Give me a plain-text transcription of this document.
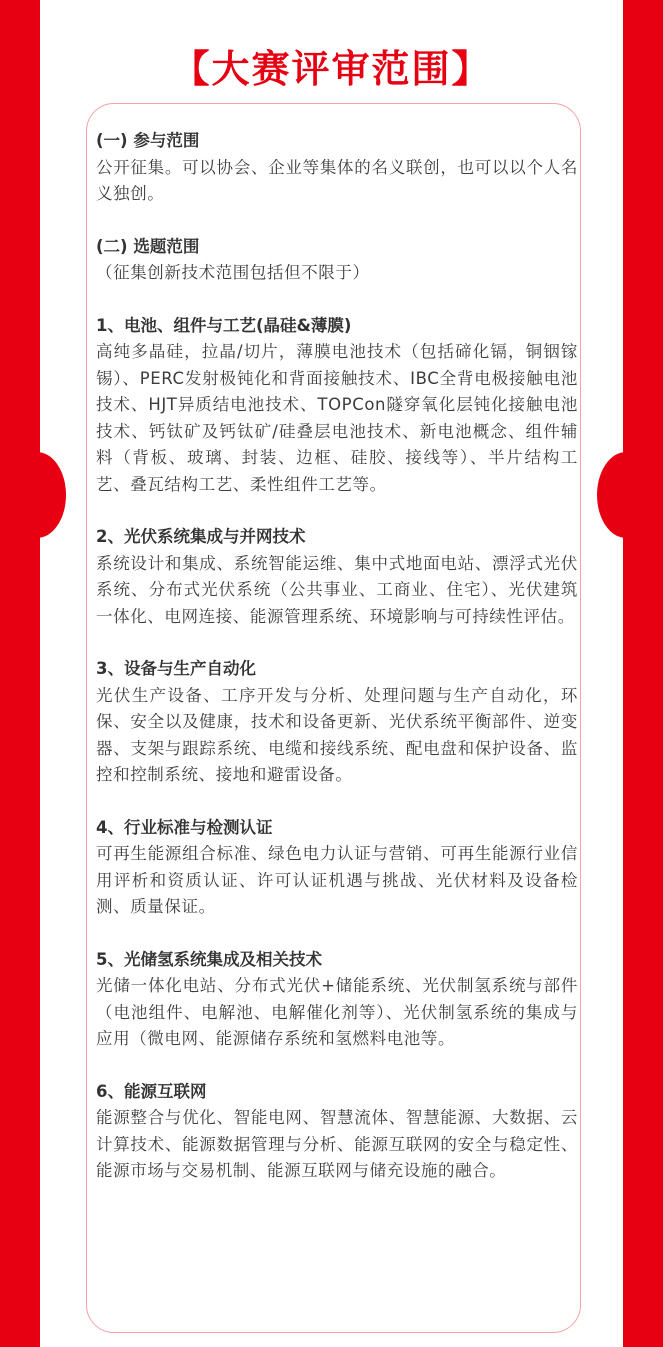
【大赛评审范围】
(一) 参与范围
公开征集。可以协会、企业等集体的名义联创，也可以以个人名义独创。
(二) 选题范围
（征集创新技术范围包括但不限于）
1、电池、组件与工艺(晶硅&薄膜)
高纯多晶硅，拉晶/切片，薄膜电池技术（包括碲化镉，铜铟镓锡）、PERC发射极钝化和背面接触技术、IBC全背电极接触电池技术、HJT异质结电池技术、TOPCon隧穿氧化层钝化接触电池技术、钙钛矿及钙钛矿/硅叠层电池技术、新电池概念、组件辅料（背板、玻璃、封装、边框、硅胶、接线等）、半片结构工艺、叠瓦结构工艺、柔性组件工艺等。
2、光伏系统集成与并网技术
系统设计和集成、系统智能运维、集中式地面电站、漂浮式光伏系统、分布式光伏系统（公共事业、工商业、住宅）、光伏建筑一体化、电网连接、能源管理系统、环境影响与可持续性评估。
3、设备与生产自动化
光伏生产设备、工序开发与分析、处理问题与生产自动化，环保、安全以及健康，技术和设备更新、光伏系统平衡部件、逆变器、支架与跟踪系统、电缆和接线系统、配电盘和保护设备、监控和控制系统、接地和避雷设备。
4、行业标准与检测认证
可再生能源组合标准、绿色电力认证与营销、可再生能源行业信用评析和资质认证、许可认证机遇与挑战、光伏材料及设备检测、质量保证。
5、光储氢系统集成及相关技术
光储一体化电站、分布式光伏+储能系统、光伏制氢系统与部件（电池组件、电解池、电解催化剂等）、光伏制氢系统的集成与应用（微电网、能源储存系统和氢燃料电池等。
6、能源互联网
能源整合与优化、智能电网、智慧流体、智慧能源、大数据、云计算技术、能源数据管理与分析、能源互联网的安全与稳定性、能源市场与交易机制、能源互联网与储充设施的融合。
